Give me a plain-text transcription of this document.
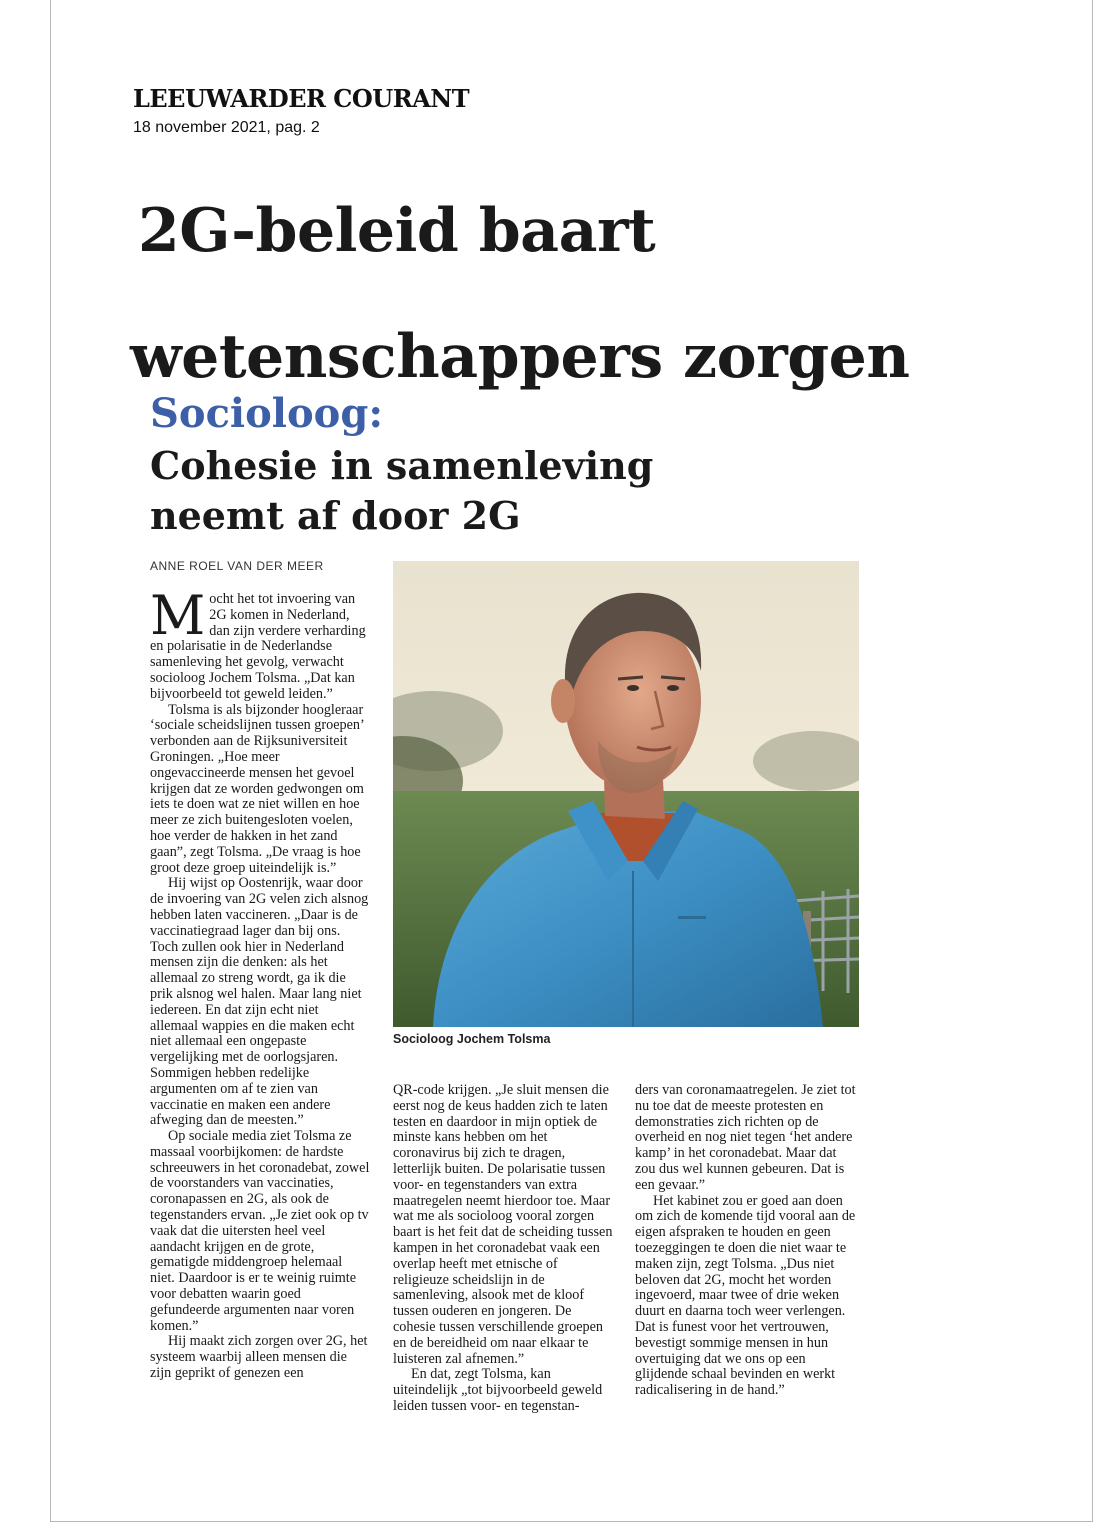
LEEUWARDER COURANT
18 november 2021, pag. 2
2G-beleid baart
wetenschappers zorgen
Socioloog:
Cohesie in samenleving neemt af door 2G
ANNE ROEL VAN DER MEER

Mocht het tot invoering van 2G komen in Nederland, dan zijn verdere verharding en polarisatie in de Nederlandse samenleving het gevolg, verwacht socioloog Jochem Tolsma. „Dat kan bijvoorbeeld tot geweld leiden.”

Tolsma is als bijzonder hoogleraar ‘sociale scheidslijnen tussen groepen’ verbonden aan de Rijksuniversiteit Groningen. „Hoe meer ongevaccineerde mensen het gevoel krijgen dat ze worden gedwongen om iets te doen wat ze niet willen en hoe meer ze zich buitengesloten voelen, hoe verder de hakken in het zand gaan”, zegt Tolsma. „De vraag is hoe groot deze groep uiteindelijk is.”

Hij wijst op Oostenrijk, waar door de invoering van 2G velen zich alsnog hebben laten vaccineren. „Daar is de vaccinatiegraad lager dan bij ons. Toch zullen ook hier in Nederland mensen zijn die denken: als het allemaal zo streng wordt, ga ik die prik alsnog wel halen. Maar lang niet iedereen. En dat zijn echt niet allemaal wappies en die maken echt niet allemaal een ongepaste vergelijking met de oorlogsjaren. Sommigen hebben redelijke argumenten om af te zien van vaccinatie en maken een andere afweging dan de meesten.”

Op sociale media ziet Tolsma ze massaal voorbijkomen: de hardste schreeuwers in het coronadebat, zowel de voorstanders van vaccinaties, coronapassen en 2G, als ook de tegenstanders ervan. „Je ziet ook op tv vaak dat die uitersten heel veel aandacht krijgen en de grote, gematigde middengroep helemaal niet. Daardoor is er te weinig ruimte voor debatten waarin goed gefundeerde argumenten naar voren komen.”

Hij maakt zich zorgen over 2G, het systeem waarbij alleen mensen die zijn geprikt of genezen een

Socioloog Jochem Tolsma

QR-code krijgen. „Je sluit mensen die eerst nog de keus hadden zich te laten testen en daardoor in mijn optiek de minste kans hebben om het coronavirus bij zich te dragen, letterlijk buiten. De polarisatie tussen voor- en tegenstanders van extra maatregelen neemt hierdoor toe. Maar wat me als socioloog vooral zorgen baart is het feit dat de scheiding tussen kampen in het coronadebat vaak een overlap heeft met etnische of religieuze scheidslijn in de samenleving, alsook met de kloof tussen ouderen en jongeren. De cohesie tussen verschillende groepen en de bereidheid om naar elkaar te luisteren zal afnemen.”

En dat, zegt Tolsma, kan uiteindelijk „tot bijvoorbeeld geweld leiden tussen voor- en tegenstan-

ders van coronamaatregelen. Je ziet tot nu toe dat de meeste protesten en demonstraties zich richten op de overheid en nog niet tegen ‘het andere kamp’ in het coronadebat. Maar dat zou dus wel kunnen gebeuren. Dat is een gevaar.”

Het kabinet zou er goed aan doen om zich de komende tijd vooral aan de eigen afspraken te houden en geen toezeggingen te doen die niet waar te maken zijn, zegt Tolsma. „Dus niet beloven dat 2G, mocht het worden ingevoerd, maar twee of drie weken duurt en daarna toch weer verlengen. Dat is funest voor het vertrouwen, bevestigt sommige mensen in hun overtuiging dat we ons op een glijdende schaal bevinden en werkt radicalisering in de hand.”
